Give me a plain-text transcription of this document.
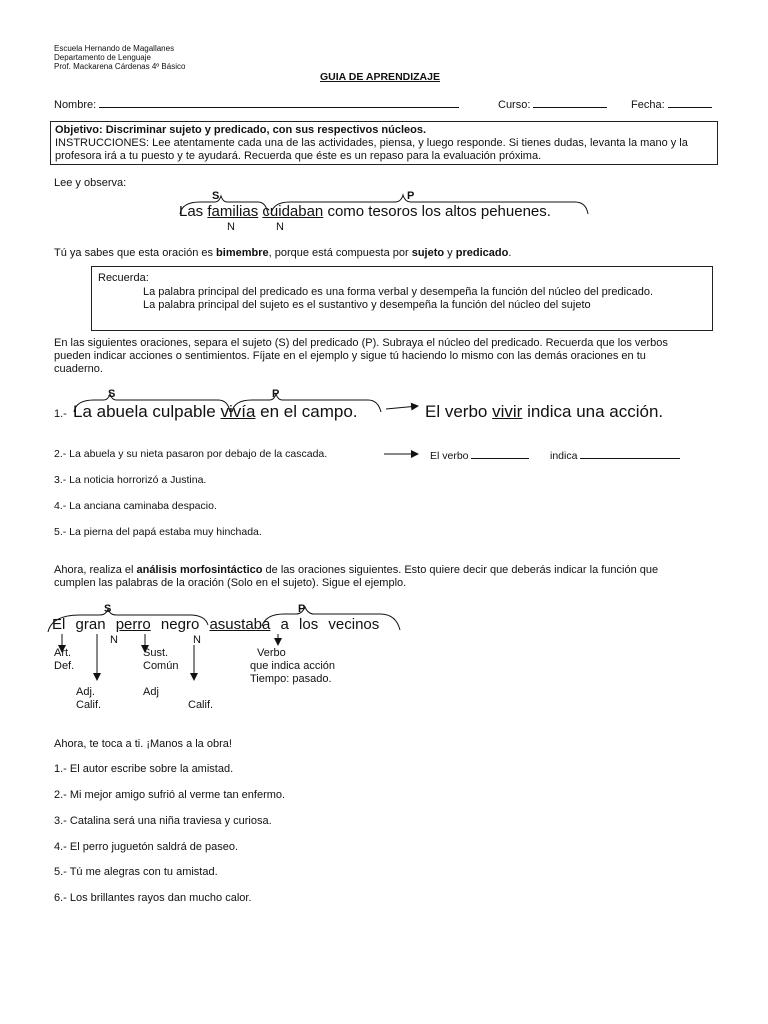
Escuela Hernando de Magallanes
Departamento de Lenguaje
Prof. Mackarena Cárdenas 4º Básico
GUIA DE APRENDIZAJE
Nombre:	Curso:	Fecha:
Objetivo: Discriminar sujeto y predicado, con sus respectivos núcleos.
INSTRUCCIONES: Lee atentamente cada una de las actividades, piensa, y luego responde. Si tienes dudas, levanta la mano y la
profesora irá a tu puesto y te ayudará. Recuerda que éste es un repaso para la evaluación próxima.
Lee y observa:
S	P
Las familias cuidaban como tesoros los altos pehuenes.
N	N
Tú ya sabes que esta oración es bimembre, porque está compuesta por sujeto y predicado.
Recuerda:
La palabra principal del predicado es una forma verbal y desempeña la función del núcleo del predicado.
La palabra principal del sujeto es el sustantivo y desempeña la función del núcleo del sujeto
En las siguientes oraciones, separa el sujeto (S) del predicado (P). Subraya el núcleo del predicado. Recuerda que los verbos
pueden indicar acciones o sentimientos. Fíjate en el ejemplo y sigue tú haciendo lo mismo con las demás oraciones en tu
cuaderno.
S	P
1.- La abuela culpable vivía en el campo.	El verbo vivir indica una acción.
2.- La abuela y su nieta pasaron por debajo de la cascada.	El verbo	indica
3.- La noticia horrorizó a Justina.
4.- La anciana caminaba despacio.
5.- La pierna del papá estaba muy hinchada.
Ahora, realiza el análisis morfosintáctico de las oraciones siguientes. Esto quiere decir que deberás indicar la función que
cumplen las palabras de la oración (Solo en el sujeto). Sigue el ejemplo.
S	P
El gran perro negro asustaba a los vecinos
N	N
Art.
Def.
Sust.
Común
Verbo
que indica acción
Tiempo: pasado.
Adj.
Calif.
Adj
Calif.
Ahora, te toca a ti. ¡Manos a la obra!
1.- El autor escribe sobre la amistad.
2.- Mi mejor amigo sufrió al verme tan enfermo.
3.- Catalina será una niña traviesa y curiosa.
4.- El perro juguetón saldrá de paseo.
5.- Tú me alegras con tu amistad.
6.- Los brillantes rayos dan mucho calor.
